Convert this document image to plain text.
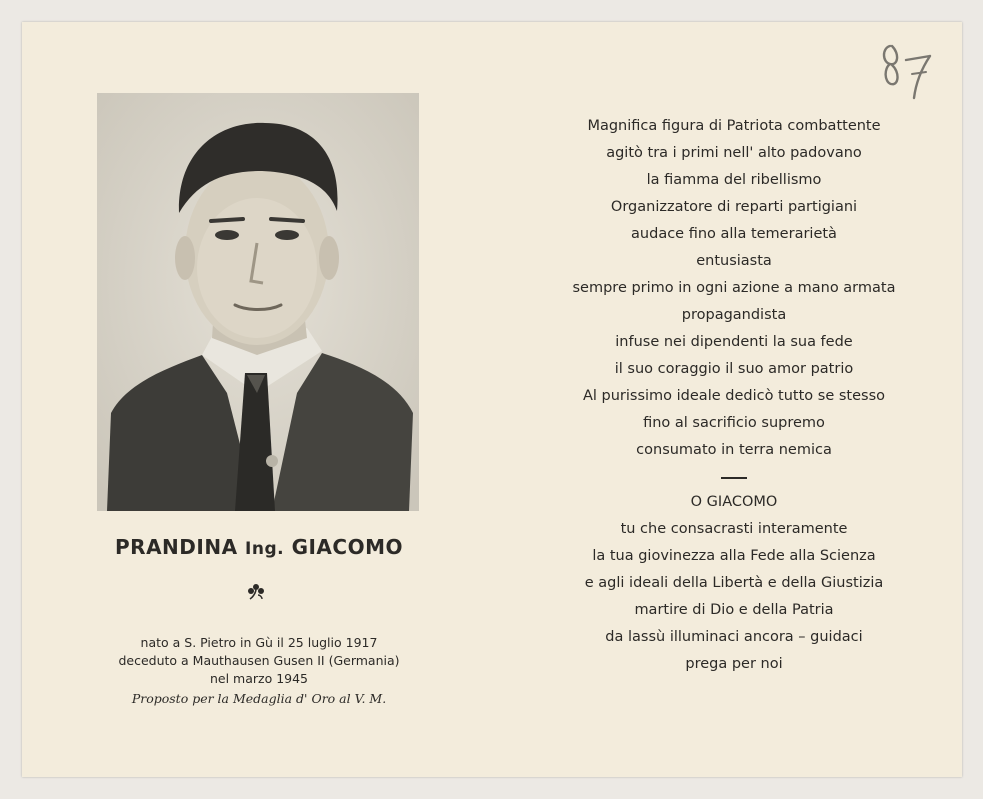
PRANDINA Ing. GIACOMO
nato a S. Pietro in Gù il 25 luglio 1917
deceduto a Mauthausen Gusen II (Germania)
nel marzo 1945
Proposto per la Medaglia d' Oro al V. M.
Magnifica figura di Patriota combattente
agitò tra i primi nell' alto padovano
la fiamma del ribellismo
Organizzatore di reparti partigiani
audace fino alla temerarietà
entusiasta
sempre primo in ogni azione a mano armata
propagandista
infuse nei dipendenti la sua fede
il suo coraggio il suo amor patrio
Al purissimo ideale dedicò tutto se stesso
fino al sacrificio supremo
consumato in terra nemica
O GIACOMO
tu che consacrasti interamente
la tua giovinezza alla Fede alla Scienza
e agli ideali della Libertà e della Giustizia
martire di Dio e della Patria
da lassù illuminaci ancora – guidaci
prega per noi
